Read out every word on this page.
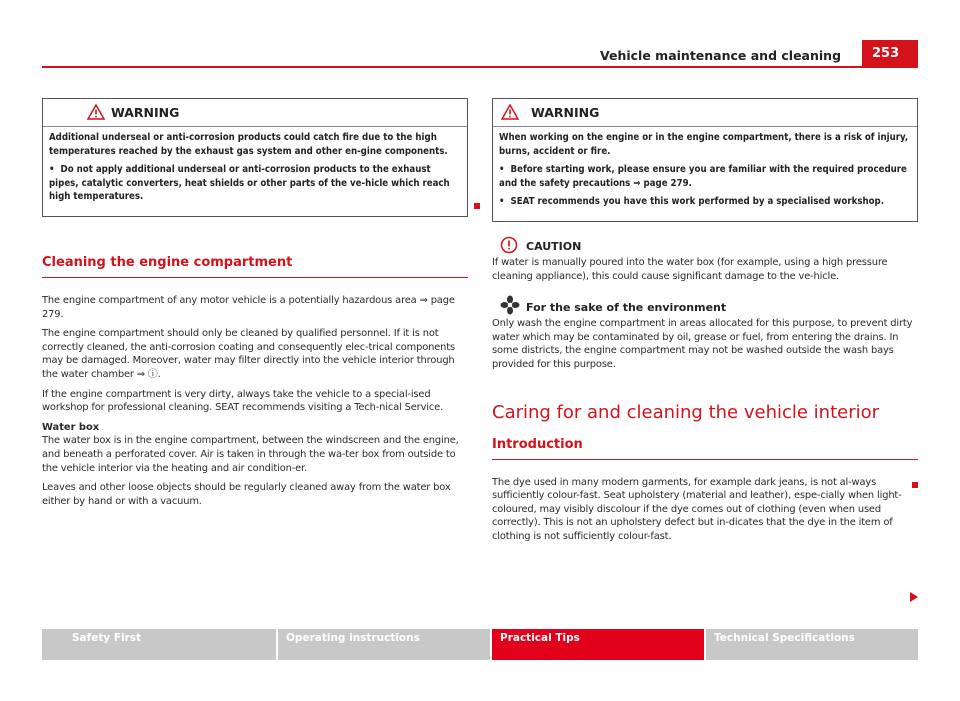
Vehicle maintenance and cleaning	253
WARNING

Additional underseal or anti-corrosion products could catch fire due to the high temperatures reached by the exhaust gas system and other en-gine components.

• Do not apply additional underseal or anti-corrosion products to the exhaust pipes, catalytic converters, heat shields or other parts of the ve-hicle which reach high temperatures.

Cleaning the engine compartment

The engine compartment of any motor vehicle is a potentially hazardous area ⇒ page 279.

The engine compartment should only be cleaned by qualified personnel. If it is not correctly cleaned, the anti-corrosion coating and consequently elec-trical components may be damaged. Moreover, water may filter directly into the vehicle interior through the water chamber ⇒ ⓘ.

If the engine compartment is very dirty, always take the vehicle to a special-ised workshop for professional cleaning. SEAT recommends visiting a Tech-nical Service.

Water box

The water box is in the engine compartment, between the windscreen and the engine, and beneath a perforated cover. Air is taken in through the wa-ter box from outside to the vehicle interior via the heating and air condition-er.

Leaves and other loose objects should be regularly cleaned away from the water box either by hand or with a vacuum.

WARNING

When working on the engine or in the engine compartment, there is a risk of injury, burns, accident or fire.

• Before starting work, please ensure you are familiar with the required procedure and the safety precautions ⇒ page 279.

• SEAT recommends you have this work performed by a specialised workshop.

CAUTION

If water is manually poured into the water box (for example, using a high pressure cleaning appliance), this could cause significant damage to the ve-hicle.

For the sake of the environment

Only wash the engine compartment in areas allocated for this purpose, to prevent dirty water which may be contaminated by oil, grease or fuel, from entering the drains. In some districts, the engine compartment may not be washed outside the wash bays provided for this purpose.

Caring for and cleaning the vehicle interior
Introduction

The dye used in many modern garments, for example dark jeans, is not al-ways sufficiently colour-fast. Seat upholstery (material and leather), espe-cially when light-coloured, may visibly discolour if the dye comes out of clothing (even when used correctly). This is not an upholstery defect but in-dicates that the dye in the item of clothing is not sufficiently colour-fast.

Safety First	Operating instructions	Practical Tips	Technical Specifications
